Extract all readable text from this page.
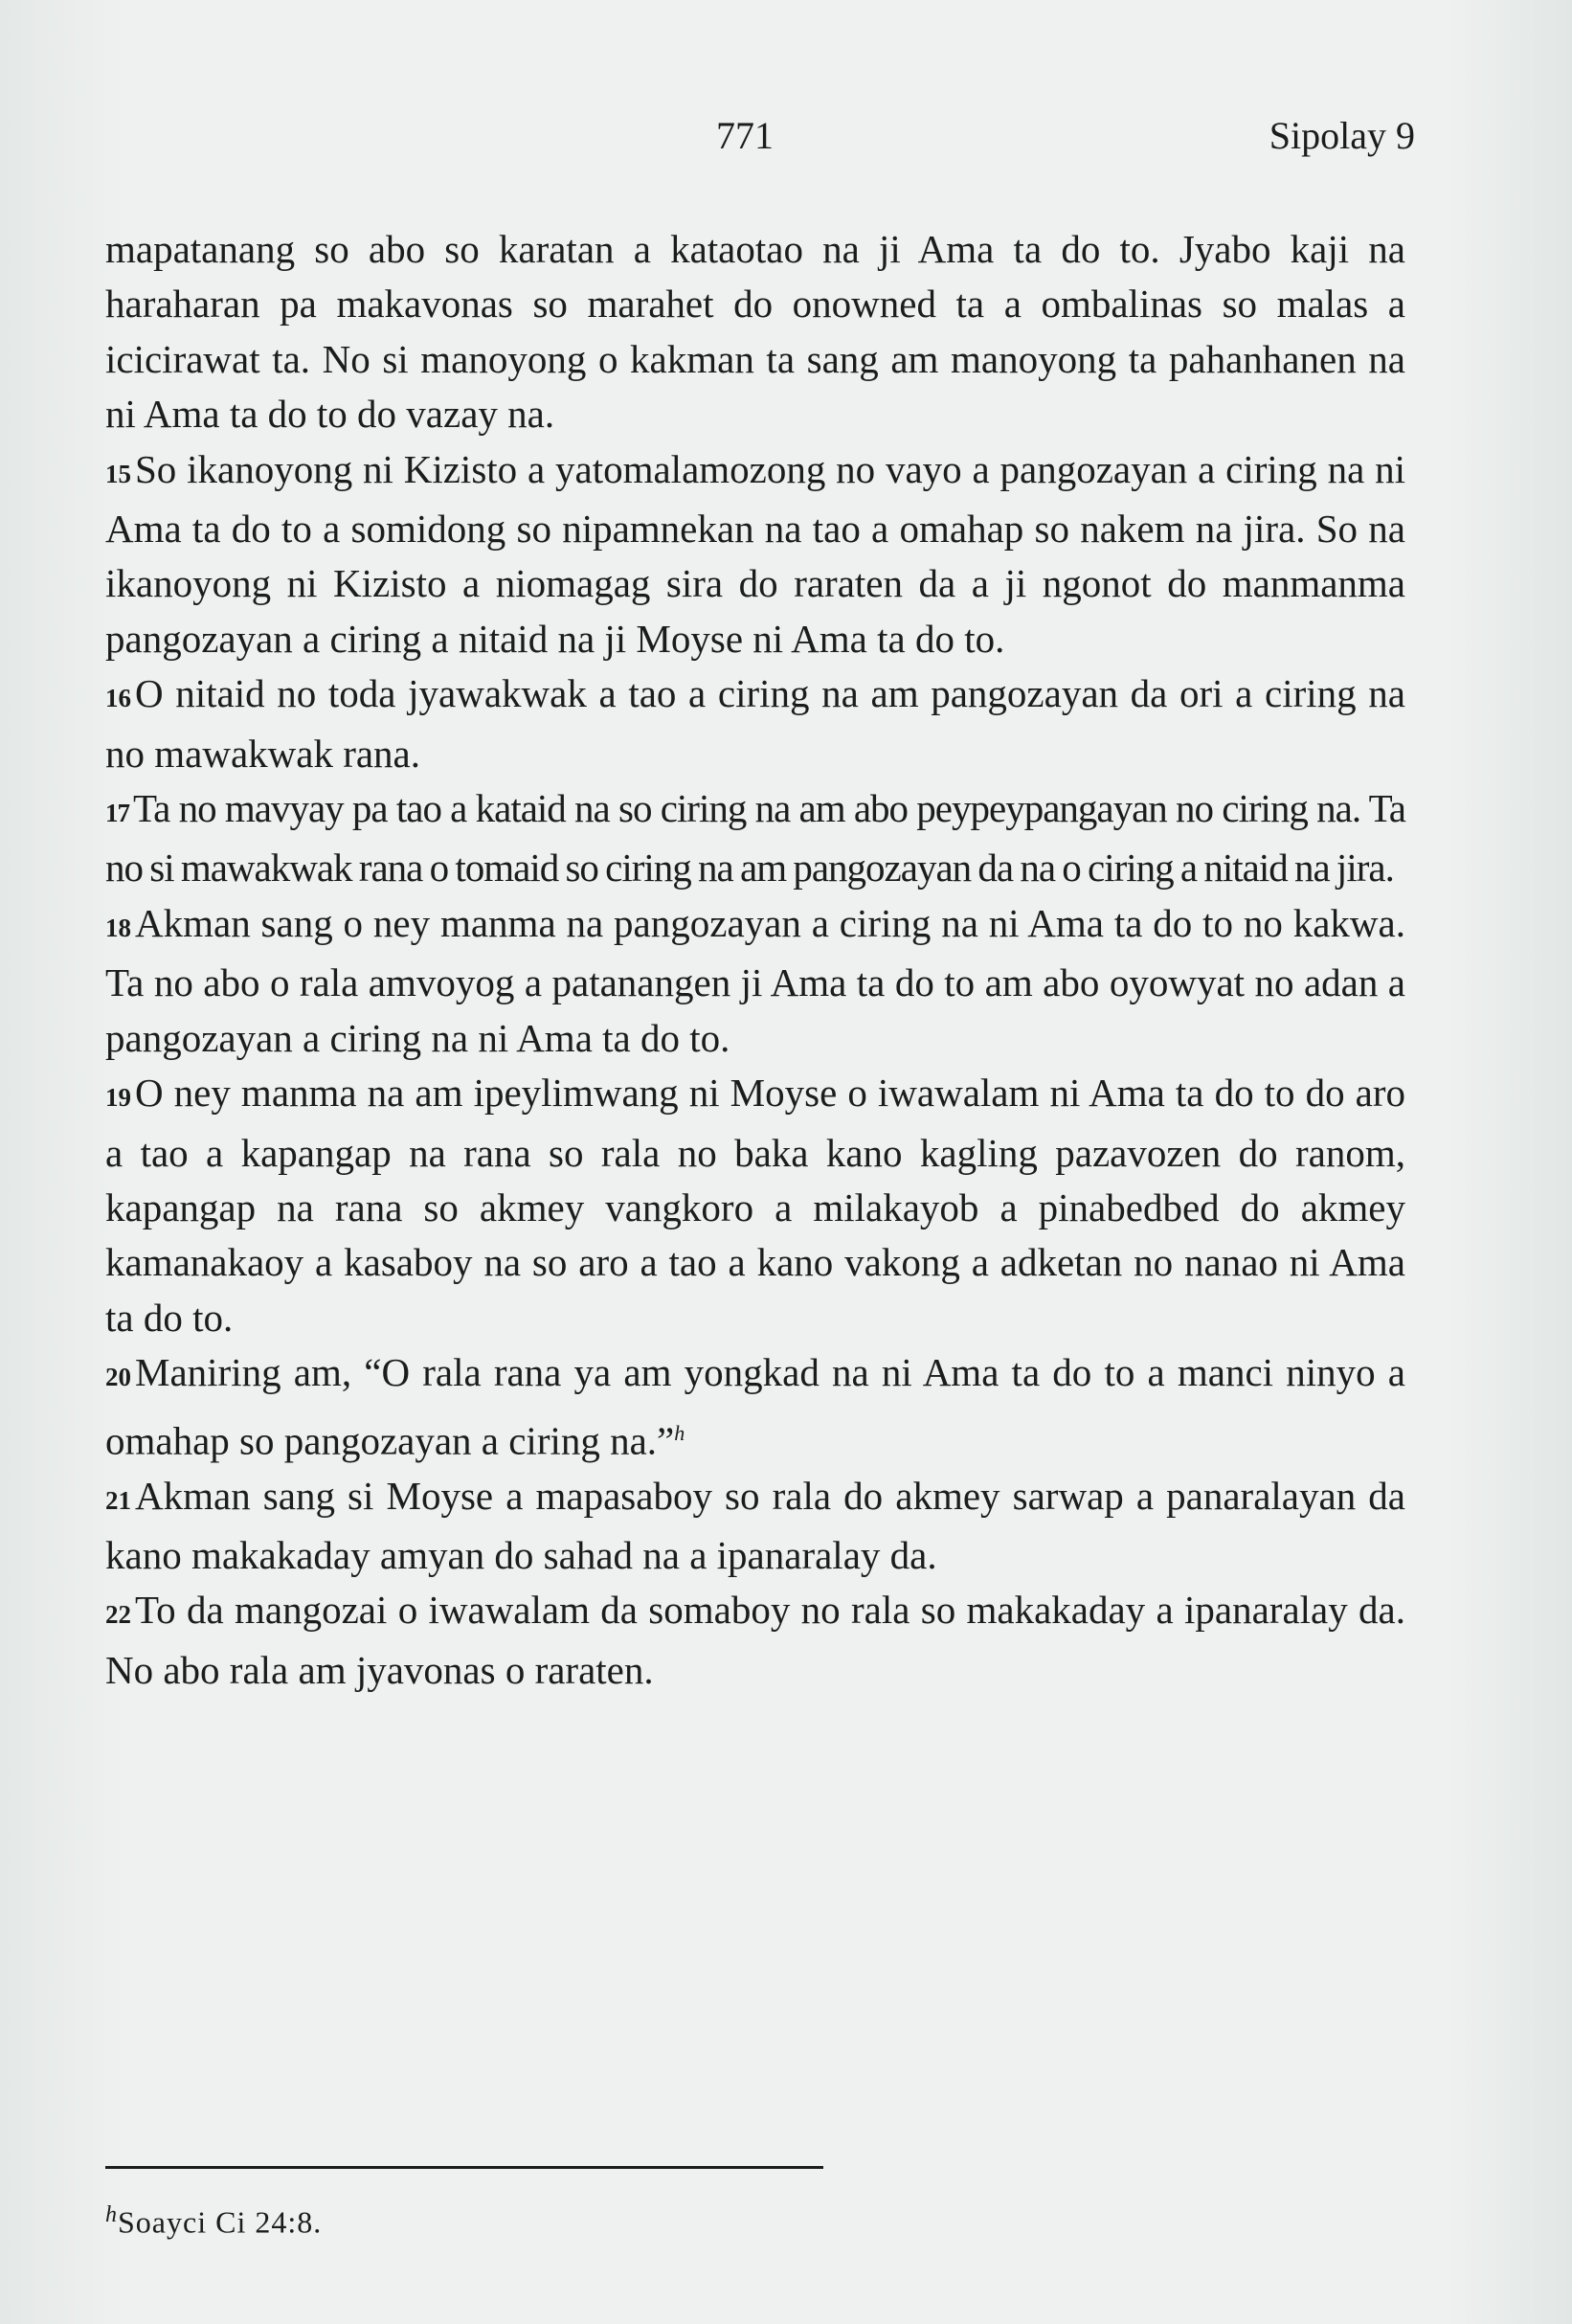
771	Sipolay 9

mapatanang so abo so karatan a kataotao na ji Ama ta do to. Jyabo kaji na haraharan pa makavonas so marahet do onowned ta a ombalinas so malas a icicirawat ta. No si manoyong o kakman ta sang am manoyong ta pahanhanen na ni Ama ta do to do vazay na.

15So ikanoyong ni Kizisto a yatomalamozong no vayo a pangozayan a ciring na ni Ama ta do to a somidong so nipamnekan na tao a omahap so nakem na jira. So na ikanoyong ni Kizisto a niomagag sira do raraten da a ji ngonot do manmanma pangozayan a ciring a nitaid na ji Moyse ni Ama ta do to.

16O nitaid no toda jyawakwak a tao a ciring na am pangozayan da ori a ciring na no mawakwak rana.

17Ta no mavyay pa tao a kataid na so ciring na am abo peypeypangayan no ciring na. Ta no si mawakwak rana o tomaid so ciring na am pangozayan da na o ciring a nitaid na jira.

18Akman sang o ney manma na pangozayan a ciring na ni Ama ta do to no kakwa. Ta no abo o rala amvoyog a patanangen ji Ama ta do to am abo oyowyat no adan a pangozayan a ciring na ni Ama ta do to.

19O ney manma na am ipeylimwang ni Moyse o iwawalam ni Ama ta do to do aro a tao a kapangap na rana so rala no baka kano kagling pazavozen do ranom, kapangap na rana so akmey vangkoro a milakayob a pinabedbed do akmey kamanakaoy a kasaboy na so aro a tao a kano vakong a adketan no nanao ni Ama ta do to.

20Maniring am, “O rala rana ya am yongkad na ni Ama ta do to a manci ninyo a omahap so pangozayan a ciring na.”$^h$

21Akman sang si Moyse a mapasaboy so rala do akmey sarwap a panaralayan da kano makakaday amyan do sahad na a ipanaralay da.

22To da mangozai o iwawalam da somaboy no rala so makakaday a ipanaralay da. No abo rala am jyavonas o raraten.

$^h$Soayci Ci 24:8.
